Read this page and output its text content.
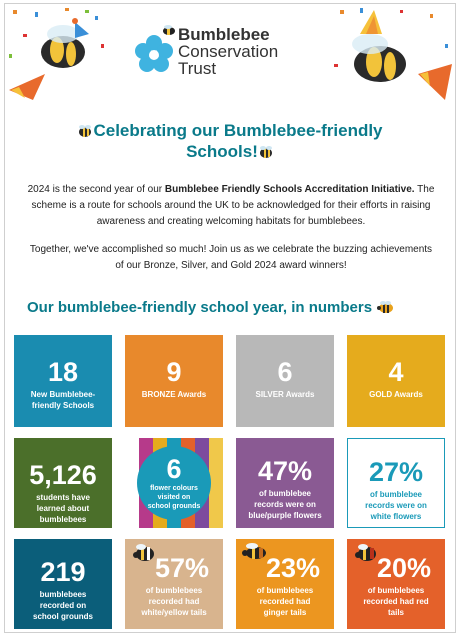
Bumblebee
Conservation
Trust
Celebrating our Bumblebee-friendly
Schools!
2024 is the second year of our Bumblebee Friendly Schools Accreditation Initiative. The scheme is a route for schools around the UK to be acknowledged for their efforts in raising awareness and creating welcoming habitats for bumblebees.
Together, we've accomplished so much! Join us as we celebrate the buzzing achievements of our Bronze, Silver, and Gold 2024 award winners!
Our bumblebee-friendly school year, in numbers
18
New Bumblebee-friendly Schools
9
BRONZE Awards
6
SILVER Awards
4
GOLD Awards
5,126
students have learned about bumblebees
6
flower colours visited on school grounds
47%
of bumblebee records were on blue/purple flowers
27%
of bumblebee records were on white flowers
219
bumblebees recorded on school grounds
57%
of bumblebees recorded had white/yellow tails
23%
of bumblebees recorded had ginger tails
20%
of bumblebees recorded had red tails
